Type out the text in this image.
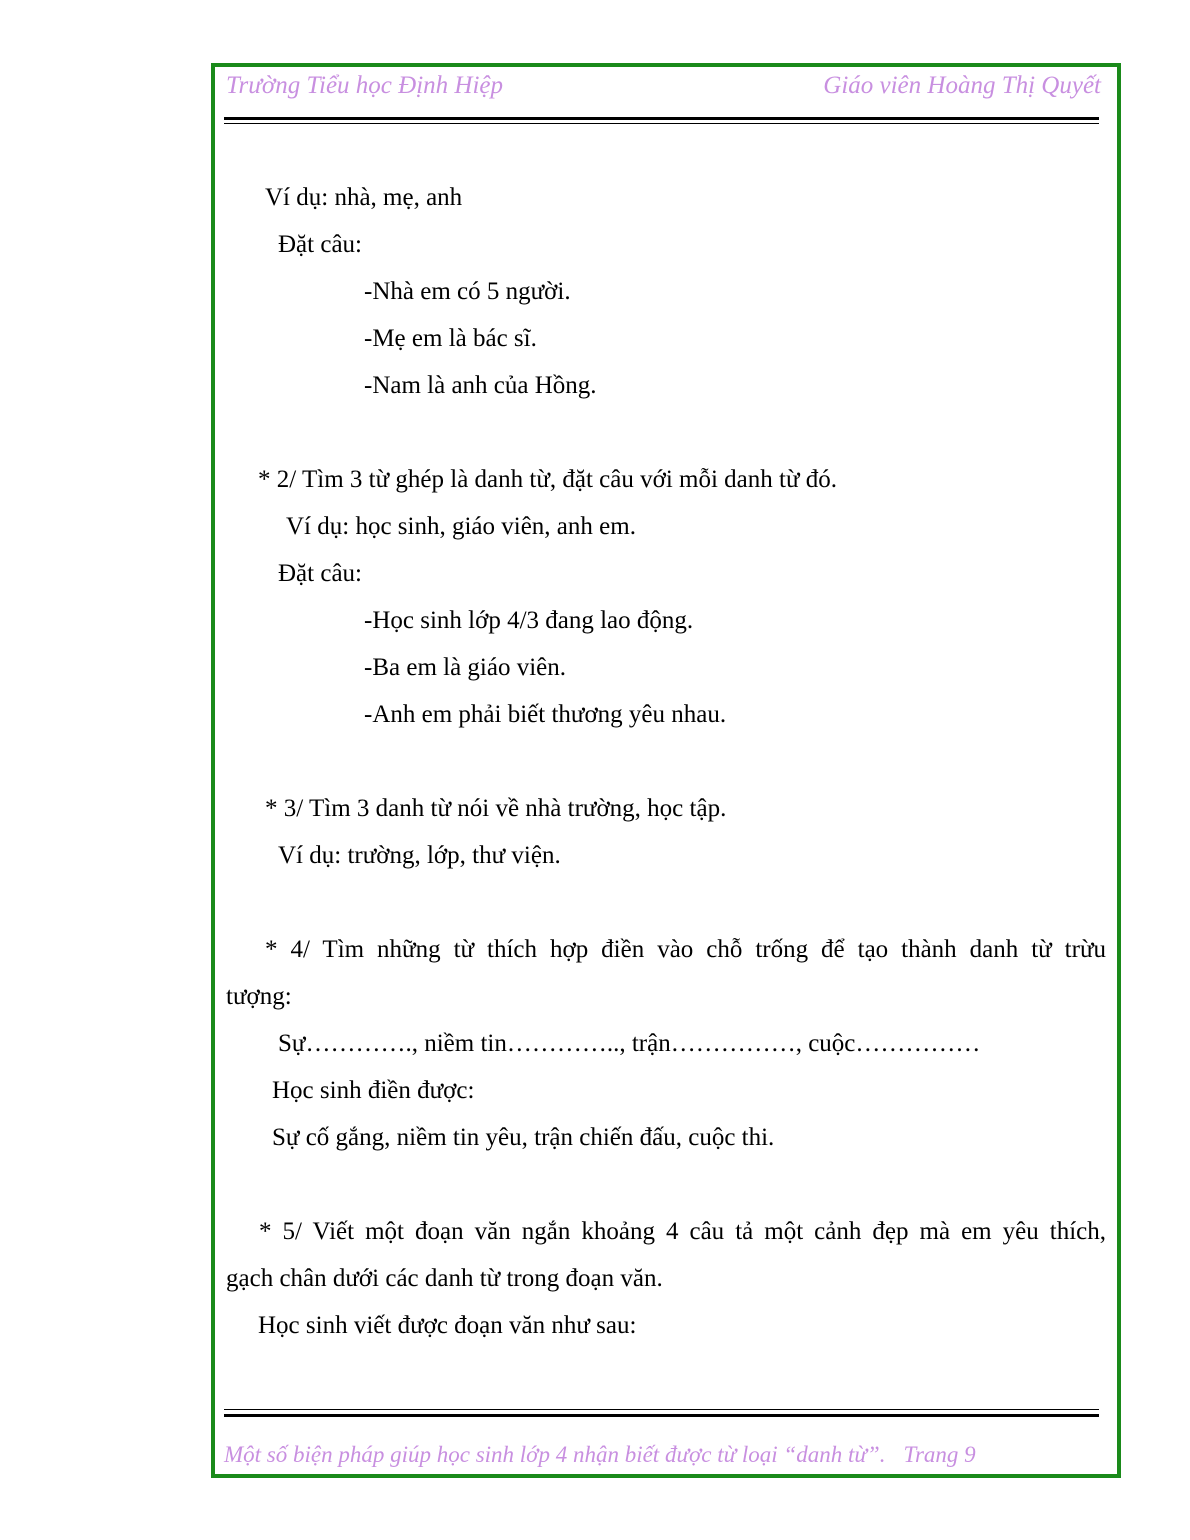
Trường Tiểu học Định Hiệp	Giáo viên Hoàng Thị Quyết
Ví dụ: nhà, mẹ, anh
Đặt câu:
-Nhà em có 5 người.
-Mẹ em là bác sĩ.
-Nam là anh của Hồng.
* 2/ Tìm 3 từ ghép là danh từ, đặt câu với mỗi danh từ đó.
Ví dụ: học sinh, giáo viên, anh em.
Đặt câu:
-Học sinh lớp 4/3 đang lao động.
-Ba em là giáo viên.
-Anh em phải biết thương yêu nhau.
* 3/ Tìm 3 danh từ nói về nhà trường, học tập.
Ví dụ: trường, lớp, thư viện.
* 4/ Tìm những từ thích hợp điền vào chỗ trống để tạo thành danh từ trừu
tượng:
Sự…………., niềm tin………….., trận……………, cuộc……………
Học sinh điền được:
Sự cố gắng, niềm tin yêu, trận chiến đấu, cuộc thi.
* 5/ Viết một đoạn văn ngắn khoảng 4 câu tả một cảnh đẹp mà em yêu thích,
gạch chân dưới các danh từ trong đoạn văn.
Học sinh viết được đoạn văn như sau:
Một số biện pháp giúp học sinh lớp 4 nhận biết được từ loại “danh từ”. Trang 9
